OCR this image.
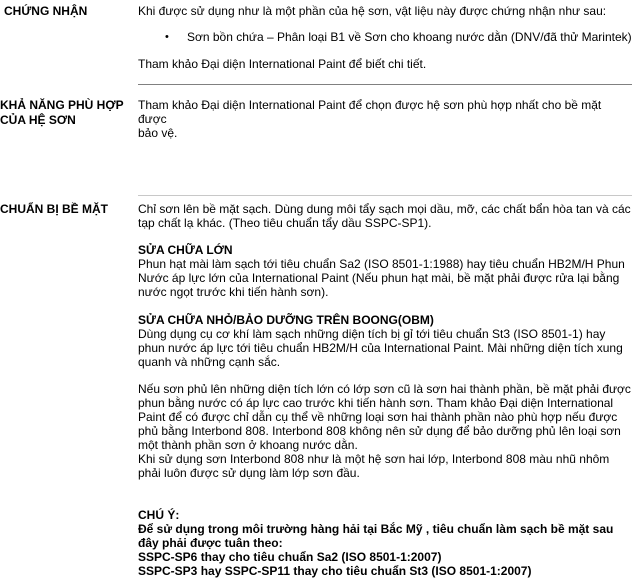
CHỨNG NHẬN	Khi được sử dụng như là một phần của hệ sơn, vật liệu này được chứng nhận như sau:
• Sơn bồn chứa – Phân loại B1 về Sơn cho khoang nước dằn (DNV/đã thử Marintek)
Tham khảo Đại diện International Paint để biết chi tiết.
KHẢ NĂNG PHÙ HỢP
CỦA HỆ SƠN
Tham khảo Đại diện International Paint để chọn được hệ sơn phù hợp nhất cho bề mặt được
bảo vệ.
CHUẨN BỊ BỀ MẶT	Chỉ sơn lên bề mặt sạch. Dùng dung môi tẩy sạch mọi dầu, mỡ, các chất bẩn hòa tan và các
tạp chất lạ khác. (Theo tiêu chuẩn tẩy dầu SSPC-SP1).
SỬA CHỮA LỚN
Phun hạt mài làm sạch tới tiêu chuẩn Sa2 (ISO 8501-1:1988) hay tiêu chuẩn HB2M/H Phun
Nước áp lực lớn của International Paint (Nếu phun hạt mài, bề mặt phải được rửa lại bằng
nước ngọt trước khi tiến hành sơn).
SỬA CHỮA NHỎ/BẢO DƯỠNG TRÊN BOONG(OBM)
Dùng dụng cụ cơ khí làm sạch những diện tích bị gỉ tới tiêu chuẩn St3 (ISO 8501-1) hay
phun nước áp lực tới tiêu chuẩn HB2M/H của International Paint. Mài những diện tích xung
quanh và những cạnh sắc.
Nếu sơn phủ lên những diện tích lớn có lớp sơn cũ là sơn hai thành phần, bề mặt phải được
phun bằng nước có áp lực cao trước khi tiến hành sơn. Tham khảo Đại diện International
Paint để có được chỉ dẫn cụ thể về những loại sơn hai thành phần nào phù hợp nếu được
phủ bằng Interbond 808. Interbond 808 không nên sử dụng để bảo dưỡng phủ lên loại sơn
một thành phần sơn ở khoang nước dằn.
Khi sử dụng sơn Interbond 808 như là một hệ sơn hai lớp, Interbond 808 màu nhũ nhôm
phải luôn được sử dụng làm lớp sơn đầu.
CHÚ Ý:
Để sử dụng trong môi trường hàng hải tại Bắc Mỹ , tiêu chuẩn làm sạch bề mặt sau
đây phải được tuân theo:
SSPC-SP6 thay cho tiêu chuẩn Sa2 (ISO 8501-1:2007)
SSPC-SP3 hay SSPC-SP11 thay cho tiêu chuẩn St3 (ISO 8501-1:2007)
